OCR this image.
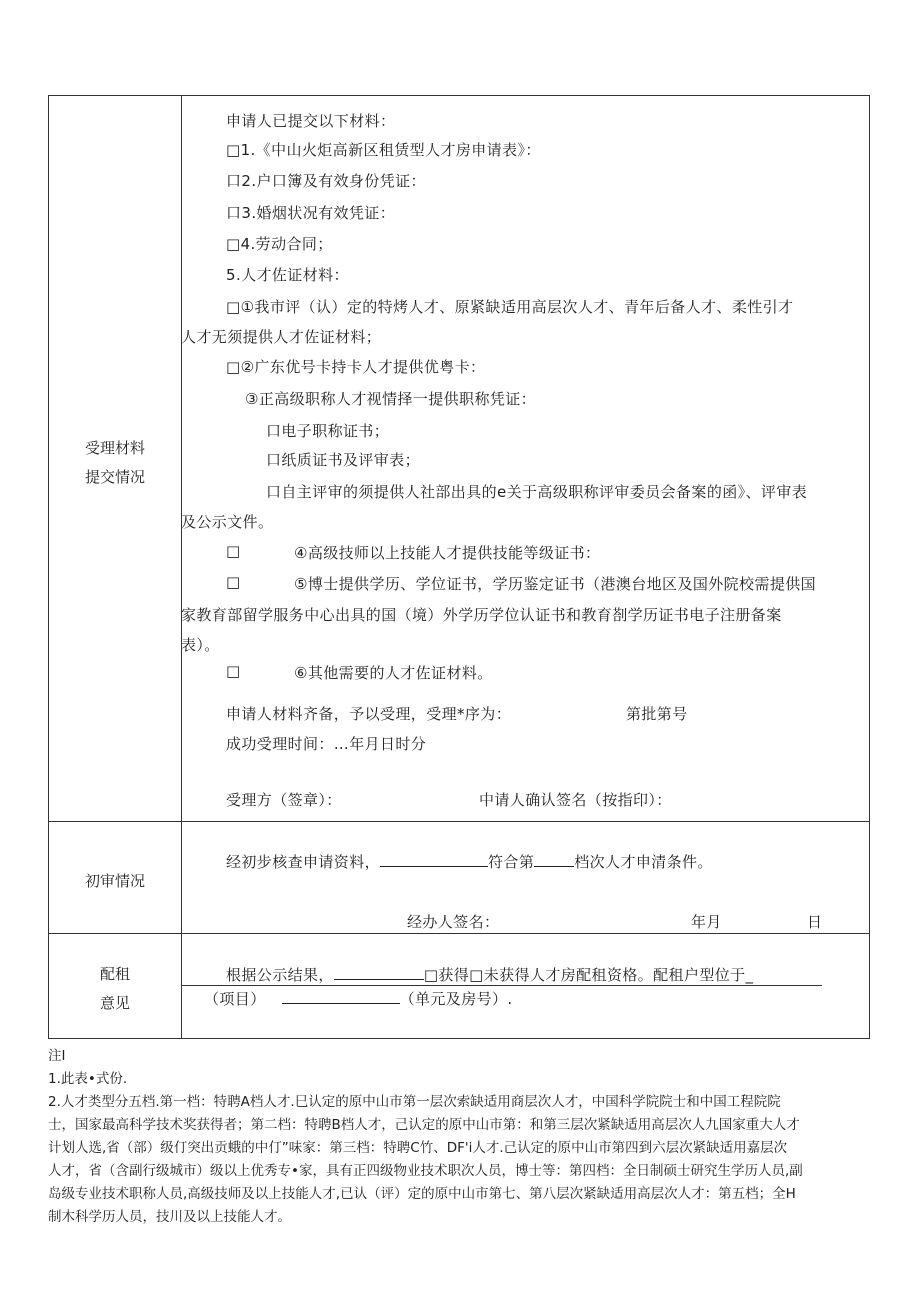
受理材料
提交情况
申请人已提交以下材料：
□1.《中山火炬高新区租赁型人才房申请表》：
口2.户口簿及有效身份凭证：
口3.婚烟状况有效凭证：
□4.劳动合同；
5.人才佐证材料：
□①我市评（认）定的特烤人才、原紧缺适用高层次人才、青年后备人才、柔性引才
人才无须提供人才佐证材料；
□②广东优号卡持卡人才提供优粤卡：
③正高级职称人才视情择一提供职称凭证：
口电子职称证书；
口纸质证书及评审表；
口自主评审的须提供人社部出具的e关于高级职称评审委员会备案的函》、评审表
及公示文件。
□	④高级技师以上技能人才提供技能等级证书：
□	⑤博士提供学历、学位证书，学历鉴定证书（港澳台地区及国外院校需提供国
家教育部留学服务中心出具的国（境）外学历学位认证书和教育剳学历证书电子注册备案
表）。
□	⑥其他需要的人才佐证材料。
申请人材料齐备，予以受理，受理*序为：	第批第号
成功受理时间：…年月日时分
受理方（签章）：	中请人确认签名（按指印）：
初审情况
经初步核查申请资料，	符合第	档次人才申清条件。
经办人签名：	年月	日
配租
意见
根据公示结果，	□获得□未获得人才房配租资格。配租户型位于_
（项目）	（单元及房号）.
注I
1.此表•式份.
2.人才类型分五档.第一档：特聘A档人才.巳认定的原中山市第一层次索缺适用商层次人才，中国科学院院士和中国工程院院
士，国家最高科学技术奖获得者；第二档：特聘B档人才，己认定的原中山市第：和第三层次紧缺适用高层次人九国家重大人才
计划人选,省（部）级仃突出贡蛾的中仃”味家：第三档：特聘C竹、DF'i人才.己认定的原中山市第四到六层次紧缺适用嘉层次
人才，省（含副行级城市）级以上优秀专•家，具有正四级物业技术职次人员，博士等：第四档：全日制硕士研究生学历人员,副
岛级专业技术职称人员,高级技师及以上技能人才,已认（评）定的原中山市第七、第八层次紧缺适用高层次人才：第五档；全H
制木科学历人员，技川及以上技能人才。
